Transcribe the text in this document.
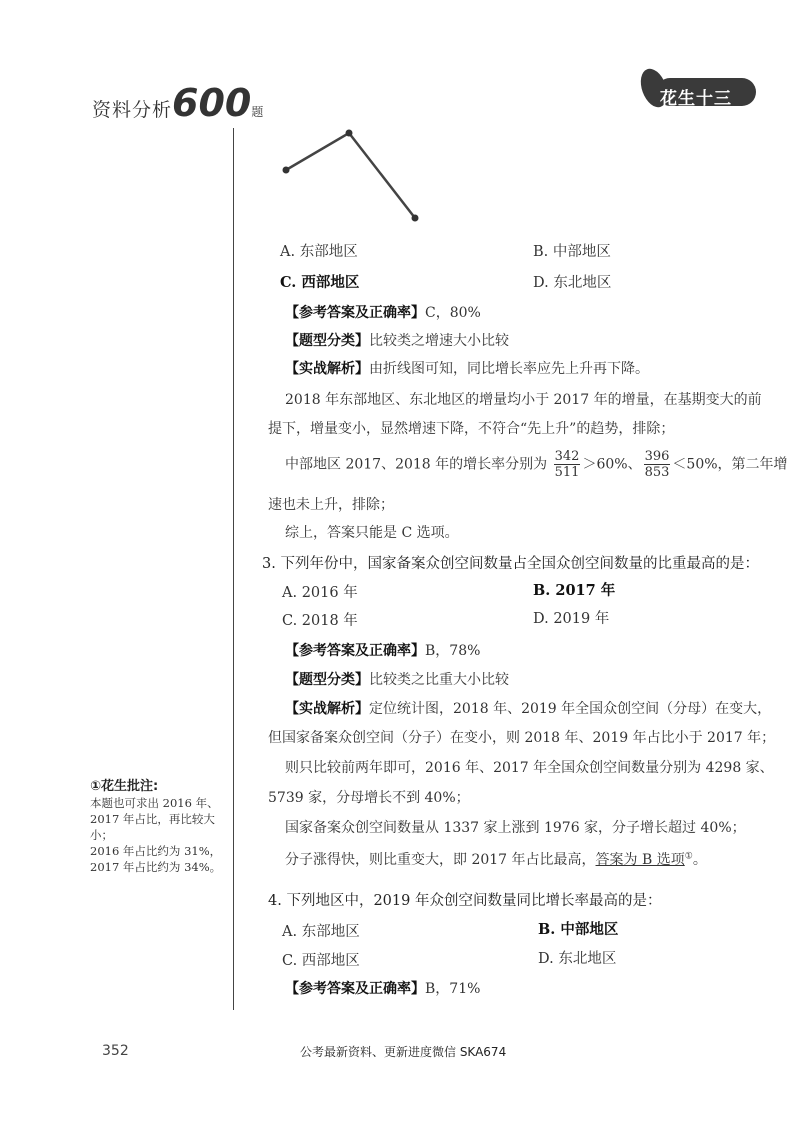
资料分析600题
花生十三
A. 东部地区	B. 中部地区
C. 西部地区	D. 东北地区
【参考答案及正确率】C，80%
【题型分类】比较类之增速大小比较
【实战解析】由折线图可知，同比增长率应先上升再下降。
2018 年东部地区、东北地区的增量均小于 2017 年的增量，在基期变大的前
提下，增量变小，显然增速下降，不符合“先上升”的趋势，排除；
中部地区 2017、2018 年的增长率分别为 $\frac{342}{511} >60\%$、 $\frac{396}{853} <50\%$，第二年增
速也未上升，排除；
综上，答案只能是 C 选项。
3. 下列年份中，国家备案众创空间数量占全国众创空间数量的比重最高的是：
A. 2016 年	B. 2017 年
C. 2018 年	D. 2019 年
【参考答案及正确率】B，78%
【题型分类】比较类之比重大小比较
【实战解析】定位统计图，2018 年、2019 年全国众创空间（分母）在变大，
但国家备案众创空间（分子）在变小，则 2018 年、2019 年占比小于 2017 年；
则只比较前两年即可，2016 年、2017 年全国众创空间数量分别为 4298 家、
5739 家，分母增长不到 40%；
国家备案众创空间数量从 1337 家上涨到 1976 家，分子增长超过 40%；
分子涨得快，则比重变大，即 2017 年占比最高，答案为 B 选项①。
4. 下列地区中，2019 年众创空间数量同比增长率最高的是：
A. 东部地区	B. 中部地区
C. 西部地区	D. 东北地区
【参考答案及正确率】B，71%
①花生批注:
本题也可求出 2016 年、
2017 年占比，再比较大
小；
2016 年占比约为 31%，
2017 年占比约为 34%。
352	公考最新资料、更新进度微信 SKA674
